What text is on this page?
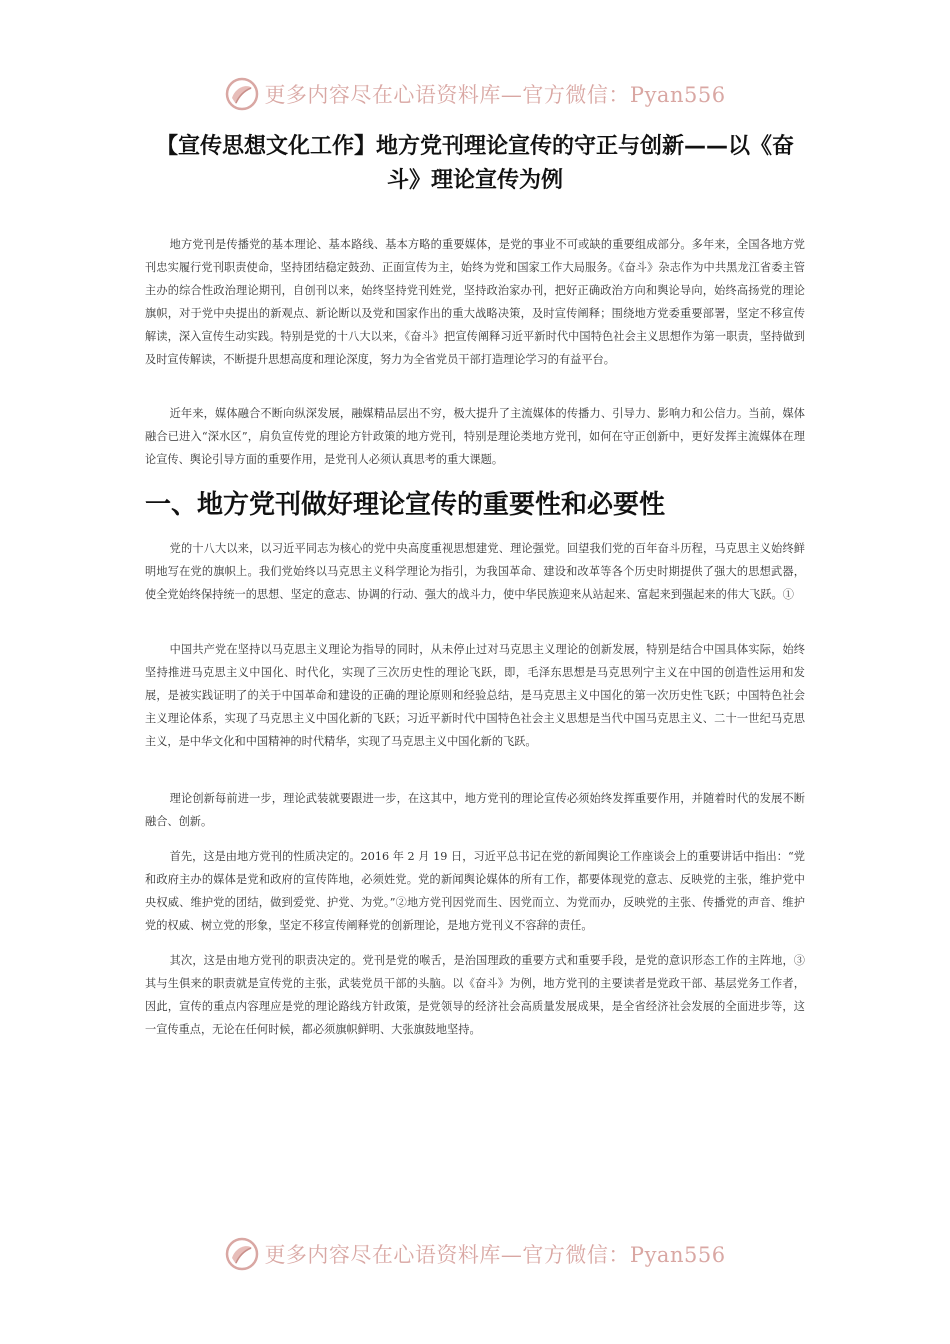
更多内容尽在心语资料库—官方微信：Pyan556
【宣传思想文化工作】地方党刊理论宣传的守正与创新——以《奋斗》理论宣传为例

地方党刊是传播党的基本理论、基本路线、基本方略的重要媒体，是党的事业不可或缺的重要组成部分。多年来，全国各地方党刊忠实履行党刊职责使命，坚持团结稳定鼓劲、正面宣传为主，始终为党和国家工作大局服务。《奋斗》杂志作为中共黑龙江省委主管主办的综合性政治理论期刊，自创刊以来，始终坚持党刊姓党，坚持政治家办刊，把好正确政治方向和舆论导向，始终高扬党的理论旗帜，对于党中央提出的新观点、新论断以及党和国家作出的重大战略决策，及时宣传阐释；围绕地方党委重要部署，坚定不移宣传解读，深入宣传生动实践。特别是党的十八大以来，《奋斗》把宣传阐释习近平新时代中国特色社会主义思想作为第一职责，坚持做到及时宣传解读，不断提升思想高度和理论深度，努力为全省党员干部打造理论学习的有益平台。

近年来，媒体融合不断向纵深发展，融媒精品层出不穷，极大提升了主流媒体的传播力、引导力、影响力和公信力。当前，媒体融合已进入“深水区”，肩负宣传党的理论方针政策的地方党刊，特别是理论类地方党刊，如何在守正创新中，更好发挥主流媒体在理论宣传、舆论引导方面的重要作用，是党刊人必须认真思考的重大课题。

一、地方党刊做好理论宣传的重要性和必要性

党的十八大以来，以习近平同志为核心的党中央高度重视思想建党、理论强党。回望我们党的百年奋斗历程，马克思主义始终鲜明地写在党的旗帜上。我们党始终以马克思主义科学理论为指引，为我国革命、建设和改革等各个历史时期提供了强大的思想武器，使全党始终保持统一的思想、坚定的意志、协调的行动、强大的战斗力，使中华民族迎来从站起来、富起来到强起来的伟大飞跃。①

中国共产党在坚持以马克思主义理论为指导的同时，从未停止过对马克思主义理论的创新发展，特别是结合中国具体实际，始终坚持推进马克思主义中国化、时代化，实现了三次历史性的理论飞跃，即，毛泽东思想是马克思列宁主义在中国的创造性运用和发展，是被实践证明了的关于中国革命和建设的正确的理论原则和经验总结，是马克思主义中国化的第一次历史性飞跃；中国特色社会主义理论体系，实现了马克思主义中国化新的飞跃；习近平新时代中国特色社会主义思想是当代中国马克思主义、二十一世纪马克思主义，是中华文化和中国精神的时代精华，实现了马克思主义中国化新的飞跃。

理论创新每前进一步，理论武装就要跟进一步，在这其中，地方党刊的理论宣传必须始终发挥重要作用，并随着时代的发展不断融合、创新。

首先，这是由地方党刊的性质决定的。2016 年 2 月 19 日，习近平总书记在党的新闻舆论工作座谈会上的重要讲话中指出：“党和政府主办的媒体是党和政府的宣传阵地，必须姓党。党的新闻舆论媒体的所有工作，都要体现党的意志、反映党的主张，维护党中央权威、维护党的团结，做到爱党、护党、为党。”②地方党刊因党而生、因党而立、为党而办，反映党的主张、传播党的声音、维护党的权威、树立党的形象，坚定不移宣传阐释党的创新理论，是地方党刊义不容辞的责任。

其次，这是由地方党刊的职责决定的。党刊是党的喉舌，是治国理政的重要方式和重要手段，是党的意识形态工作的主阵地，③其与生俱来的职责就是宣传党的主张，武装党员干部的头脑。以《奋斗》为例，地方党刊的主要读者是党政干部、基层党务工作者，因此，宣传的重点内容理应是党的理论路线方针政策，是党领导的经济社会高质量发展成果，是全省经济社会发展的全面进步等，这一宣传重点，无论在任何时候，都必须旗帜鲜明、大张旗鼓地坚持。

更多内容尽在心语资料库—官方微信：Pyan556
